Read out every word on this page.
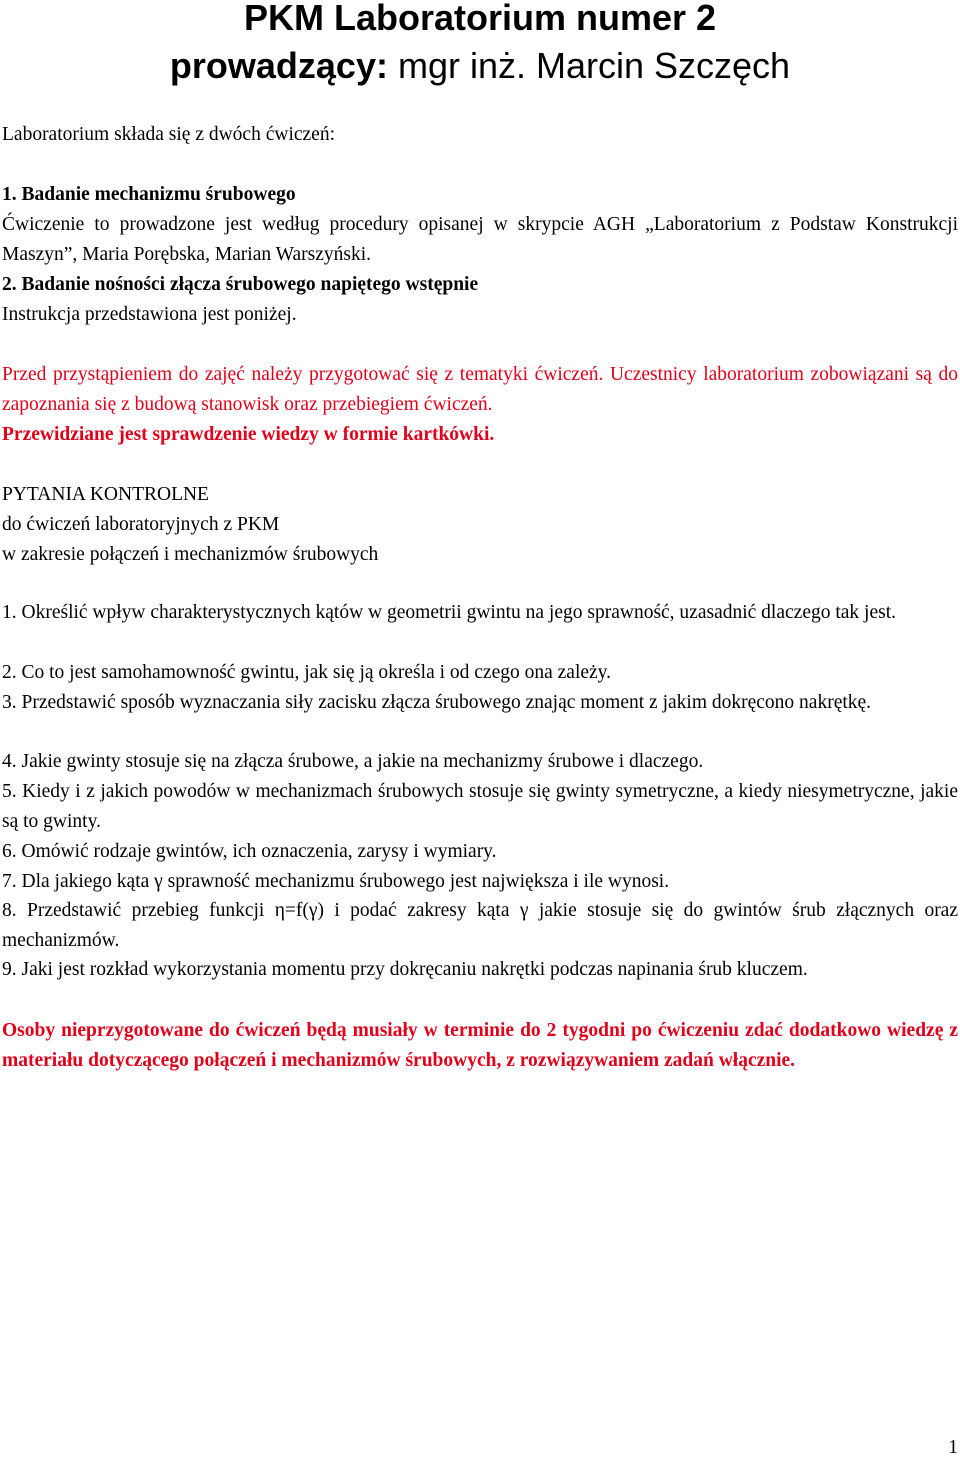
PKM Laboratorium numer 2
prowadzący: mgr inż. Marcin Szczęch

Laboratorium składa się z dwóch ćwiczeń:

1. Badanie mechanizmu śrubowego

Ćwiczenie to prowadzone jest według procedury opisanej w skrypcie AGH „Laboratorium z Podstaw Konstrukcji Maszyn”, Maria Porębska, Marian Warszyński.

2. Badanie nośności złącza śrubowego napiętego wstępnie

Instrukcja przedstawiona jest poniżej.

Przed przystąpieniem do zajęć należy przygotować się z tematyki ćwiczeń. Uczestnicy laboratorium zobowiązani są do zapoznania się z budową stanowisk oraz przebiegiem ćwiczeń.

Przewidziane jest sprawdzenie wiedzy w formie kartkówki.

PYTANIA KONTROLNE

do ćwiczeń laboratoryjnych z PKM

w zakresie połączeń i mechanizmów śrubowych

1. Określić wpływ charakterystycznych kątów w geometrii gwintu na jego sprawność, uzasadnić dlaczego tak jest.

2. Co to jest samohamowność gwintu, jak się ją określa i od czego ona zależy.

3. Przedstawić sposób wyznaczania siły zacisku złącza śrubowego znając moment z jakim dokręcono nakrętkę.

4. Jakie gwinty stosuje się na złącza śrubowe, a jakie na mechanizmy śrubowe i dlaczego.

5. Kiedy i z jakich powodów w mechanizmach śrubowych stosuje się gwinty symetryczne, a kiedy niesymetryczne, jakie są to gwinty.

6. Omówić rodzaje gwintów, ich oznaczenia, zarysy i wymiary.

7. Dla jakiego kąta γ sprawność mechanizmu śrubowego jest największa i ile wynosi.

8. Przedstawić przebieg funkcji η=f(γ) i podać zakresy kąta γ jakie stosuje się do gwintów śrub złącznych oraz mechanizmów.

9. Jaki jest rozkład wykorzystania momentu przy dokręcaniu nakrętki podczas napinania śrub kluczem.

Osoby nieprzygotowane do ćwiczeń będą musiały w terminie do 2 tygodni po ćwiczeniu zdać dodatkowo wiedzę z materiału dotyczącego połączeń i mechanizmów śrubowych, z rozwiązywaniem zadań włącznie.

1
